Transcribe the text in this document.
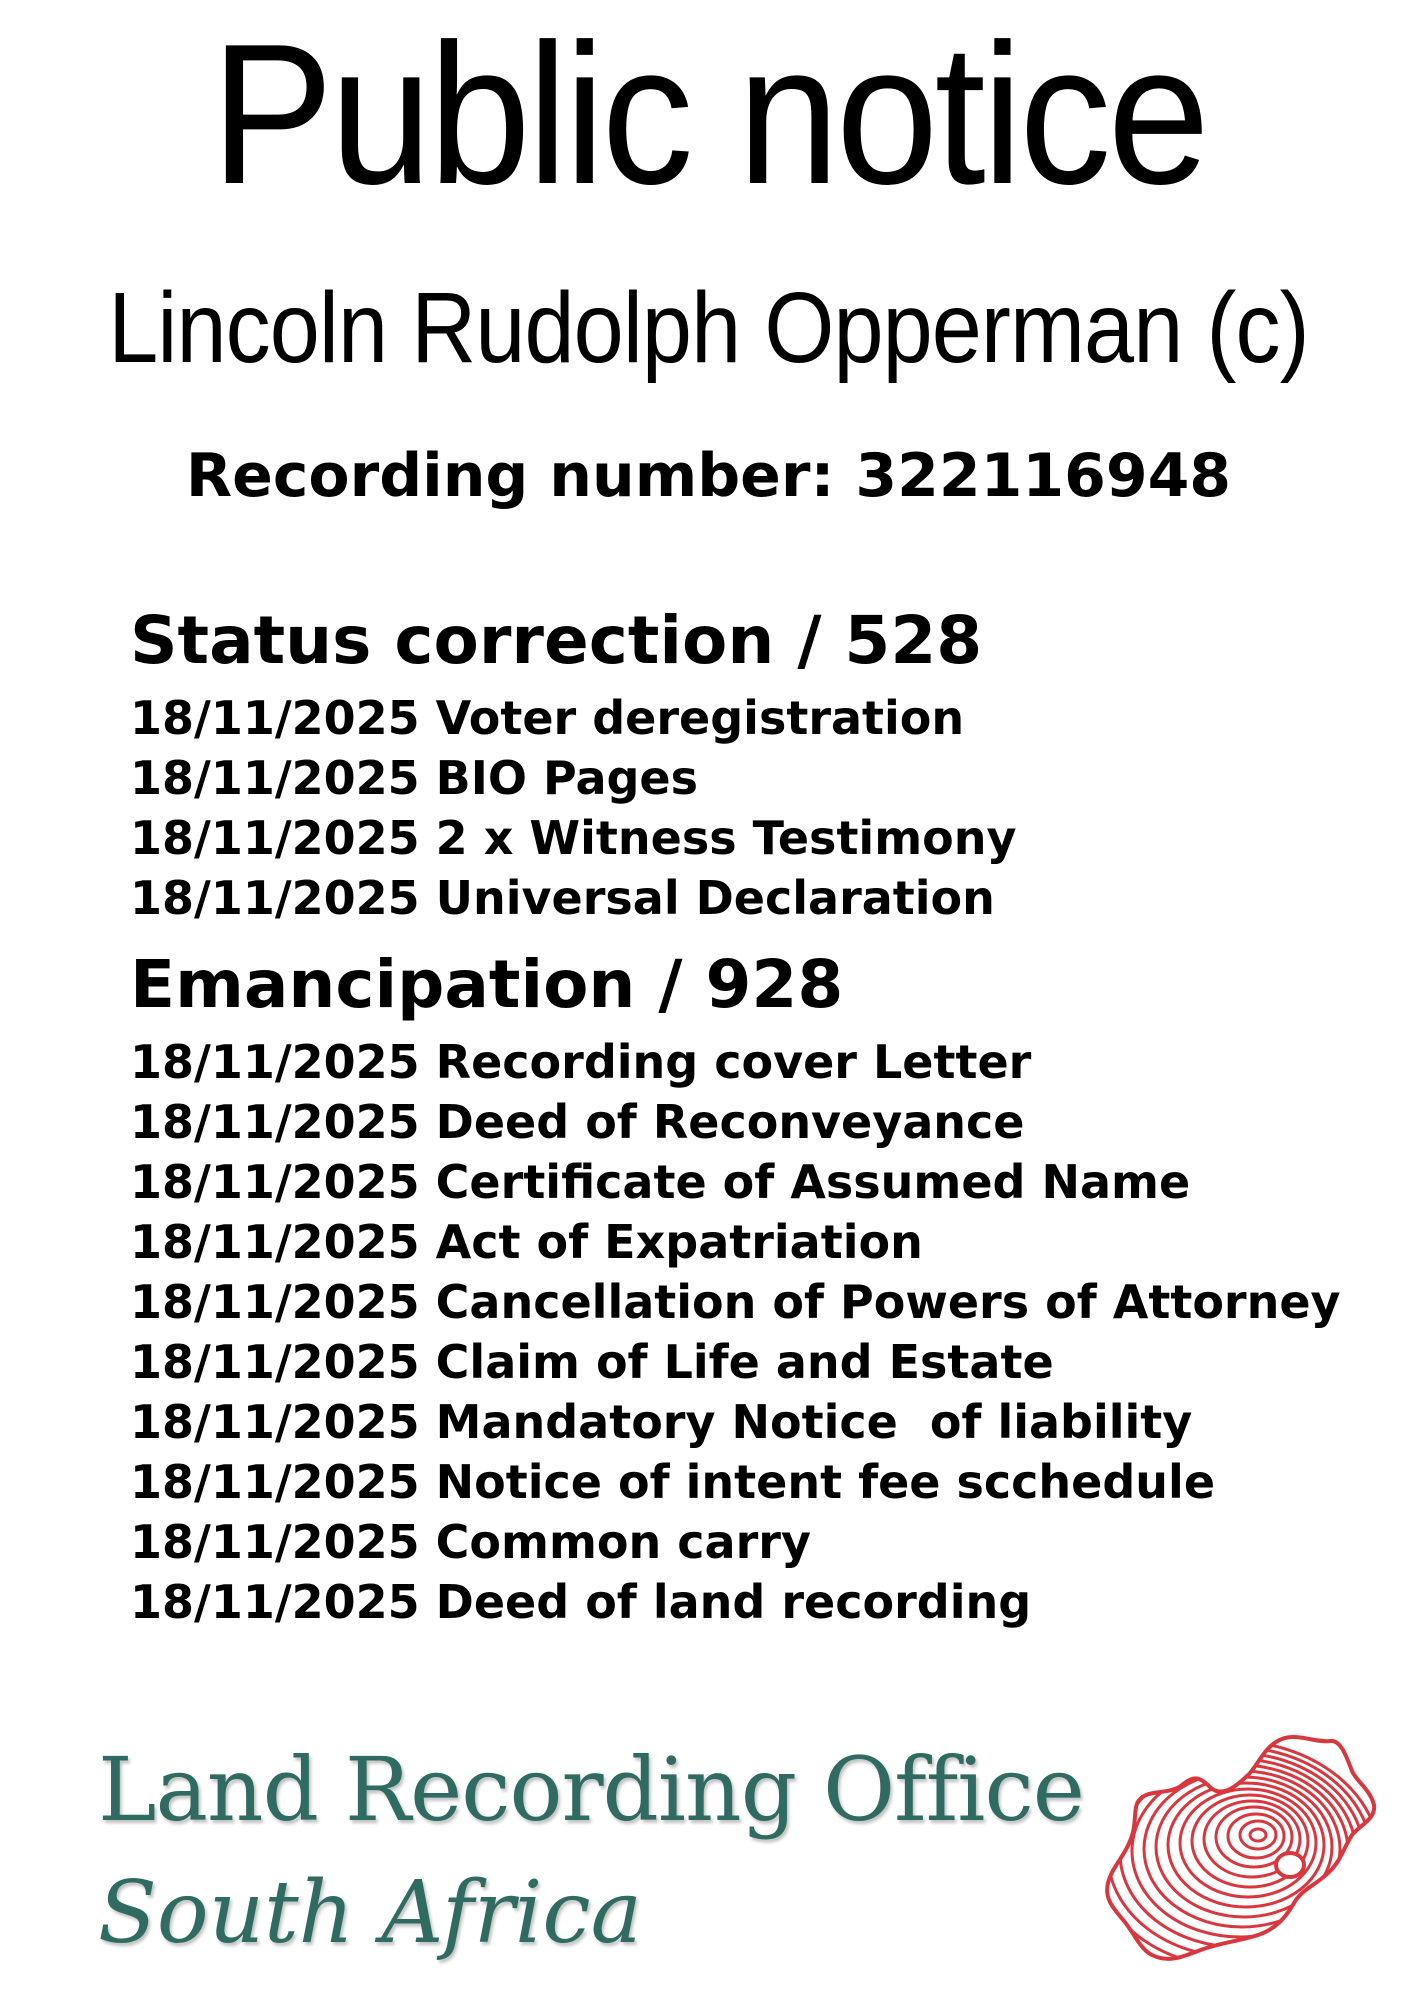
Public notice
Lincoln Rudolph Opperman (c)
Recording number: 322116948
Status correction / 528
18/11/2025 Voter deregistration
18/11/2025 BIO Pages
18/11/2025 2 x Witness Testimony
18/11/2025 Universal Declaration
Emancipation / 928
18/11/2025 Recording cover Letter
18/11/2025 Deed of Reconveyance
18/11/2025 Certificate of Assumed Name
18/11/2025 Act of Expatriation
18/11/2025 Cancellation of Powers of Attorney
18/11/2025 Claim of Life and Estate
18/11/2025 Mandatory Notice  of liability
18/11/2025 Notice of intent fee scchedule
18/11/2025 Common carry
18/11/2025 Deed of land recording
Land Recording Office
South Africa
